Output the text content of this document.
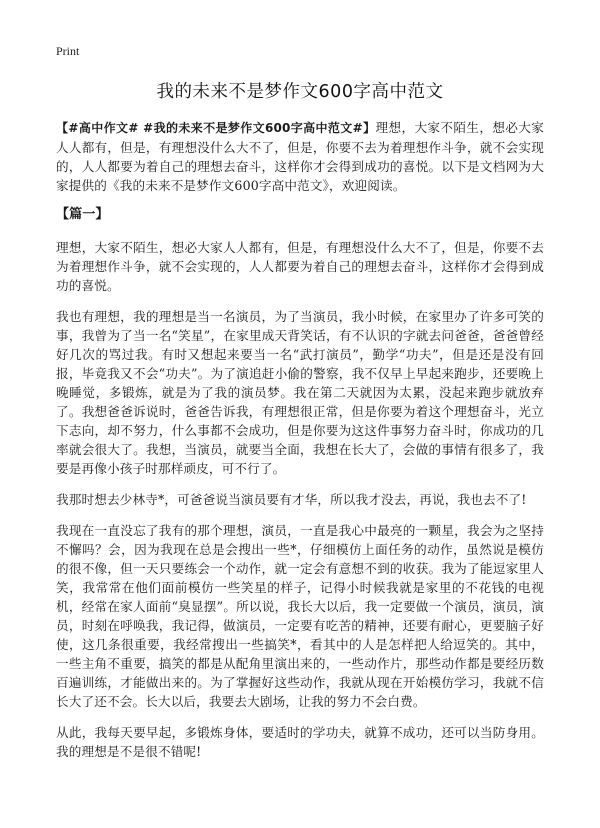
Print
我的未来不是梦作文600字高中范文

【#高中作文# #我的未来不是梦作文600字高中范文#】理想，大家不陌生，想必大家人人都有，但是，有理想没什么大不了，但是，你要不去为着理想作斗争，就不会实现的，人人都要为着自己的理想去奋斗，这样你才会得到成功的喜悦。以下是文档网为大家提供的《我的未来不是梦作文600字高中范文》，欢迎阅读。

【篇一】

理想，大家不陌生，想必大家人人都有，但是，有理想没什么大不了，但是，你要不去为着理想作斗争，就不会实现的，人人都要为着自己的理想去奋斗，这样你才会得到成功的喜悦。

我也有理想，我的理想是当一名演员，为了当演员，我小时候，在家里办了许多可笑的事，我曾为了当一名“笑星”，在家里成天背笑话，有不认识的字就去问爸爸，爸爸曾经好几次的骂过我。有时又想起来要当一名“武打演员”，勤学“功夫”，但是还是没有回报，毕竟我又不会“功夫”。为了演追赶小偷的警察，我不仅早上早起来跑步，还要晚上晚睡觉，多锻炼，就是为了我的演员梦。我在第二天就因为太累，没起来跑步就放弃了。我想爸爸诉说时，爸爸告诉我，有理想很正常，但是你要为着这个理想奋斗，光立下志向，却不努力，什么事都不会成功，但是你要为这这件事努力奋斗时，你成功的几率就会很大了。我想，当演员，就要当全面，我想在长大了，会做的事情有很多了，我要是再像小孩子时那样顽皮，可不行了。

我那时想去少林寺*，可爸爸说当演员要有才华，所以我才没去，再说，我也去不了!

我现在一直没忘了我有的那个理想，演员，一直是我心中最亮的一颗星，我会为之坚持不懈吗？会，因为我现在总是会搜出一些*，仔细模仿上面任务的动作，虽然说是模仿的很不像，但一天只要练会一个动作，就一定会有意想不到的收获。我为了能逗家里人笑，我常常在他们面前模仿一些笑星的样子，记得小时候我就是家里的不花钱的电视机，经常在家人面前“臭显摆”。所以说，我长大以后，我一定要做一个演员，演员，演员，时刻在呼唤我，我记得，做演员，一定要有吃苦的精神，还要有耐心，更要脑子好使，这几条很重要，我经常搜出一些搞笑*，看其中的人是怎样把人给逗笑的。其中，一些主角不重要，搞笑的都是从配角里演出来的，一些动作片，那些动作都是要经历数百遍训练，才能做出来的。为了掌握好这些动作，我就从现在开始模仿学习，我就不信长大了还不会。长大以后，我要去大剧场，让我的努力不会白费。

从此，我每天要早起，多锻炼身体，要适时的学功夫，就算不成功，还可以当防身用。我的理想是不是很不错呢!
